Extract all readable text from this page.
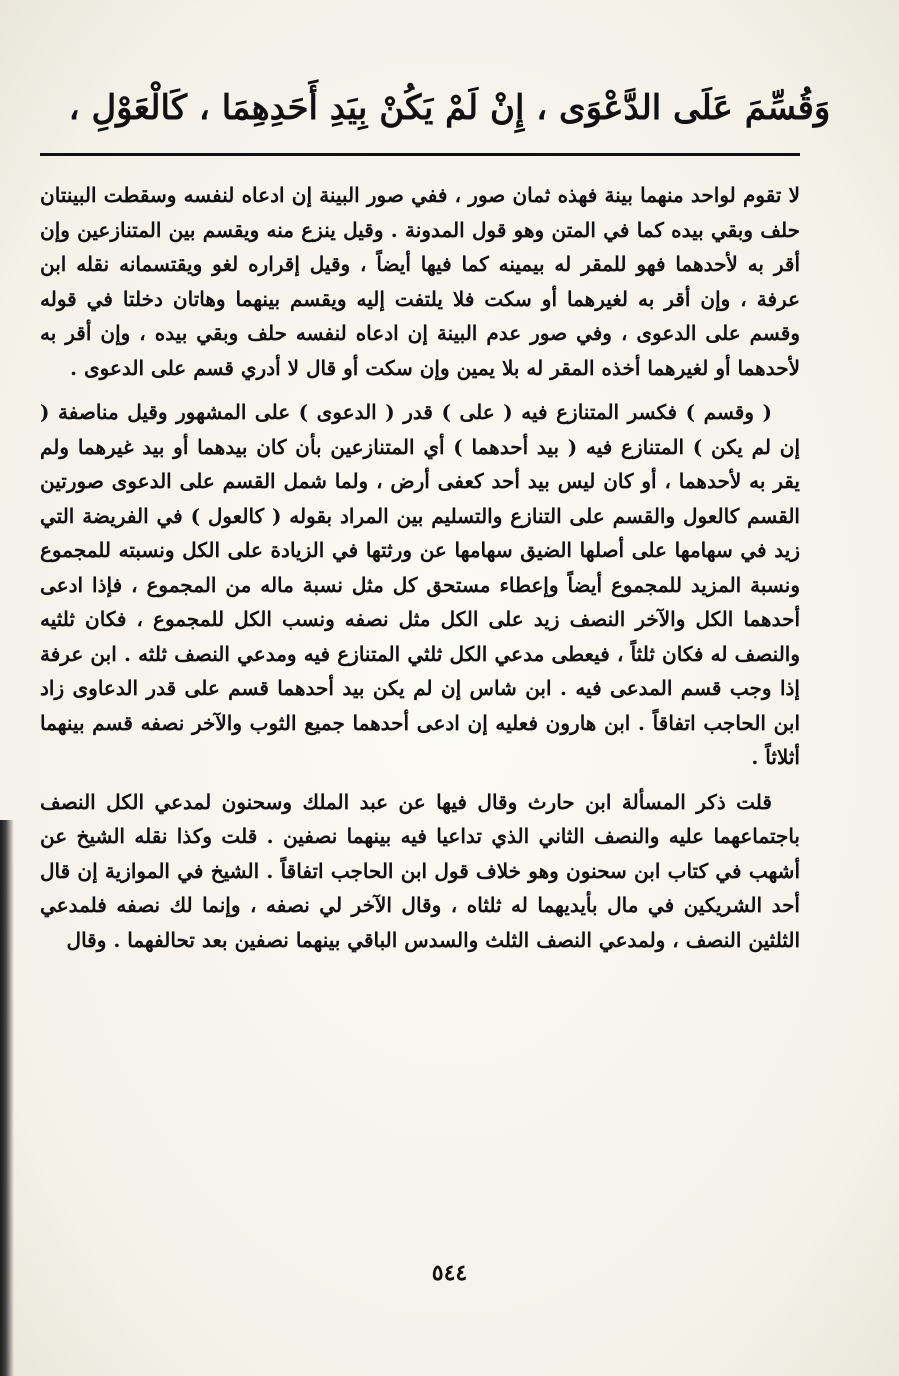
وَقُسِّمَ عَلَى الدَّعْوَى ، إِنْ لَمْ يَكُنْ بِيَدِ أَحَدِهِمَا ، كَالْعَوْلِ ،

لا تقوم لواحد منهما بينة فهذه ثمان صور ، ففي صور البينة إن ادعاه لنفسه وسقطت البينتان حلف وبقي بيده كما في المتن وهو قول المدونة . وقيل ينزع منه ويقسم بين المتنازعين وإن أقر به لأحدهما فهو للمقر له بيمينه كما فيها أيضاً ، وقيل إقراره لغو ويقتسمانه نقله ابن عرفة ، وإن أقر به لغيرهما أو سكت فلا يلتفت إليه ويقسم بينهما وهاتان دخلتا في قوله وقسم على الدعوى ، وفي صور عدم البينة إن ادعاه لنفسه حلف وبقي بيده ، وإن أقر به لأحدهما أو لغيرهما أخذه المقر له بلا يمين وإن سكت أو قال لا أدري قسم على الدعوى .

( وقسم ) فكسر المتنازع فيه ( على ) قدر ( الدعوى ) على المشهور وقيل مناصفة ( إن لم يكن ) المتنازع فيه ( بيد أحدهما ) أي المتنازعين بأن كان بيدهما أو بيد غيرهما ولم يقر به لأحدهما ، أو كان ليس بيد أحد كعفى أرض ، ولما شمل القسم على الدعوى صورتين القسم كالعول والقسم على التنازع والتسليم بين المراد بقوله ( كالعول ) في الفريضة التي زيد في سهامها على أصلها الضيق سهامها عن ورثتها في الزيادة على الكل ونسبته للمجموع ونسبة المزيد للمجموع أيضاً وإعطاء مستحق كل مثل نسبة ماله من المجموع ، فإذا ادعى أحدهما الكل والآخر النصف زيد على الكل مثل نصفه ونسب الكل للمجموع ، فكان ثلثيه والنصف له فكان ثلثاً ، فيعطى مدعي الكل ثلثي المتنازع فيه ومدعي النصف ثلثه . ابن عرفة إذا وجب قسم المدعى فيه . ابن شاس إن لم يكن بيد أحدهما قسم على قدر الدعاوى زاد ابن الحاجب اتفاقاً . ابن هارون فعليه إن ادعى أحدهما جميع الثوب والآخر نصفه قسم بينهما أثلاثاً .

قلت ذكر المسألة ابن حارث وقال فيها عن عبد الملك وسحنون لمدعي الكل النصف باجتماعهما عليه والنصف الثاني الذي تداعيا فيه بينهما نصفين . قلت وكذا نقله الشيخ عن أشهب في كتاب ابن سحنون وهو خلاف قول ابن الحاجب اتفاقاً . الشيخ في الموازية إن قال أحد الشريكين في مال بأيديهما له ثلثاه ، وقال الآخر لي نصفه ، وإنما لك نصفه فلمدعي الثلثين النصف ، ولمدعي النصف الثلث والسدس الباقي بينهما نصفين بعد تحالفهما . وقال

٥٤٤
